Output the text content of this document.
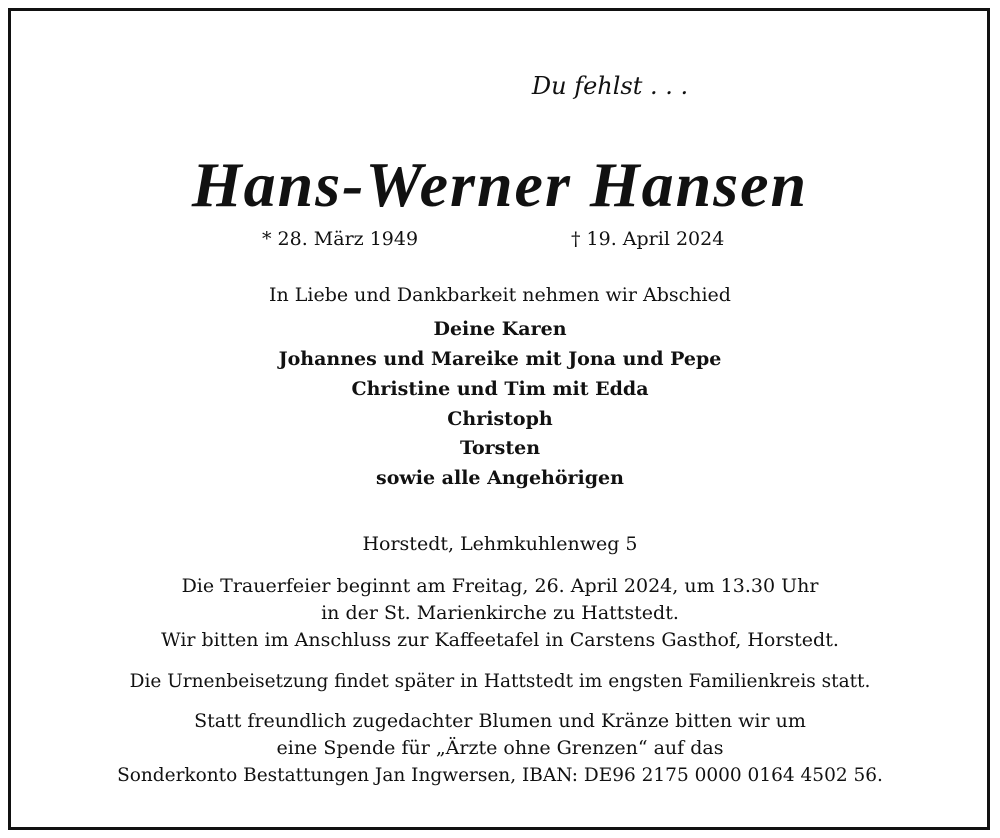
Du fehlst . . .
Hans-Werner Hansen
* 28. März 1949	† 19. April 2024
In Liebe und Dankbarkeit nehmen wir Abschied
Deine Karen
Johannes und Mareike mit Jona und Pepe
Christine und Tim mit Edda
Christoph
Torsten
sowie alle Angehörigen
Horstedt, Lehmkuhlenweg 5
Die Trauerfeier beginnt am Freitag, 26. April 2024, um 13.30 Uhr
in der St. Marienkirche zu Hattstedt.
Wir bitten im Anschluss zur Kaffeetafel in Carstens Gasthof, Horstedt.
Die Urnenbeisetzung findet später in Hattstedt im engsten Familienkreis statt.
Statt freundlich zugedachter Blumen und Kränze bitten wir um
eine Spende für „Ärzte ohne Grenzen“ auf das
Sonderkonto Bestattungen Jan Ingwersen, IBAN: DE96 2175 0000 0164 4502 56.
